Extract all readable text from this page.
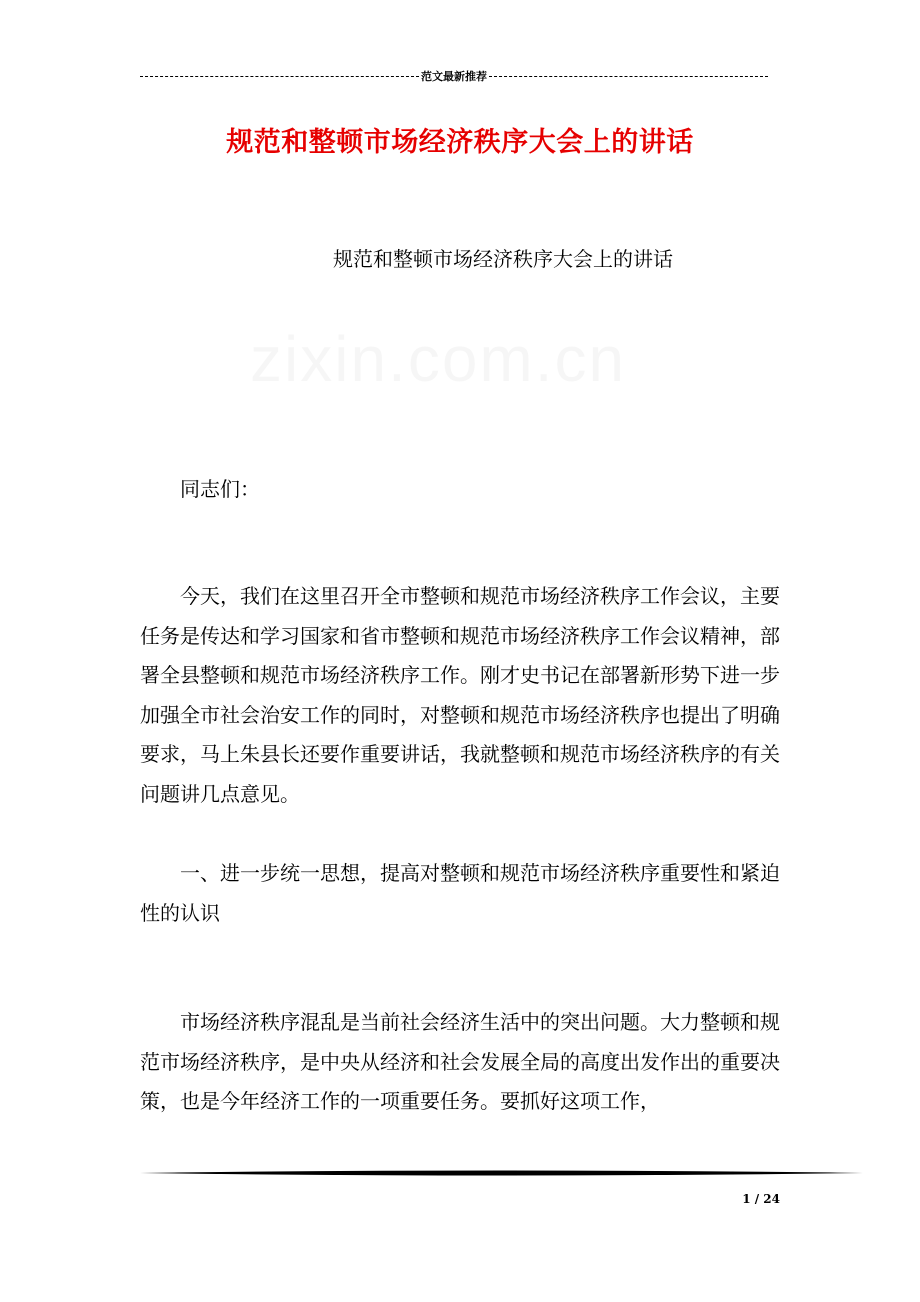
范文最新推荐
规范和整顿市场经济秩序大会上的讲话
规范和整顿市场经济秩序大会上的讲话

同志们：

今天，我们在这里召开全市整顿和规范市场经济秩序工作会议，主要任务是传达和学习国家和省市整顿和规范市场经济秩序工作会议精神，部署全县整顿和规范市场经济秩序工作。刚才史书记在部署新形势下进一步加强全市社会治安工作的同时，对整顿和规范市场经济秩序也提出了明确要求，马上朱县长还要作重要讲话，我就整顿和规范市场经济秩序的有关问题讲几点意见。

一、进一步统一思想，提高对整顿和规范市场经济秩序重要性和紧迫性的认识

市场经济秩序混乱是当前社会经济生活中的突出问题。大力整顿和规范市场经济秩序，是中央从经济和社会发展全局的高度出发作出的重要决策，也是今年经济工作的一项重要任务。要抓好这项工作，

1 / 24
